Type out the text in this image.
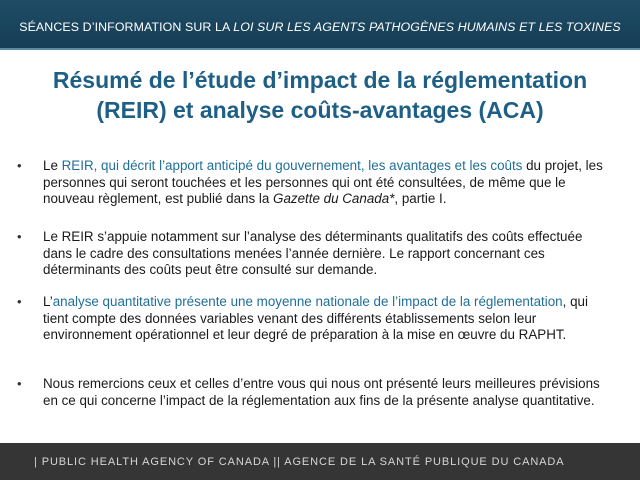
SÉANCES D’INFORMATION SUR LA LOI SUR LES AGENTS PATHOGÈNES HUMAINS ET LES TOXINES
Résumé de l’étude d’impact de la réglementation
(REIR) et analyse coûts-avantages (ACA)
• Le REIR, qui décrit l’apport anticipé du gouvernement, les avantages et les coûts du projet, les personnes qui seront touchées et les personnes qui ont été consultées, de même que le nouveau règlement, est publié dans la Gazette du Canada*, partie I.
• Le REIR s’appuie notamment sur l’analyse des déterminants qualitatifs des coûts effectuée dans le cadre des consultations menées l’année dernière. Le rapport concernant ces déterminants des coûts peut être consulté sur demande.
• L’analyse quantitative présente une moyenne nationale de l’impact de la réglementation, qui tient compte des données variables venant des différents établissements selon leur environnement opérationnel et leur degré de préparation à la mise en œuvre du RAPHT.
• Nous remercions ceux et celles d’entre vous qui nous ont présenté leurs meilleures prévisions en ce qui concerne l’impact de la réglementation aux fins de la présente analyse quantitative.
| PUBLIC HEALTH AGENCY OF CANADA || AGENCE DE LA SANTÉ PUBLIQUE DU CANADA
